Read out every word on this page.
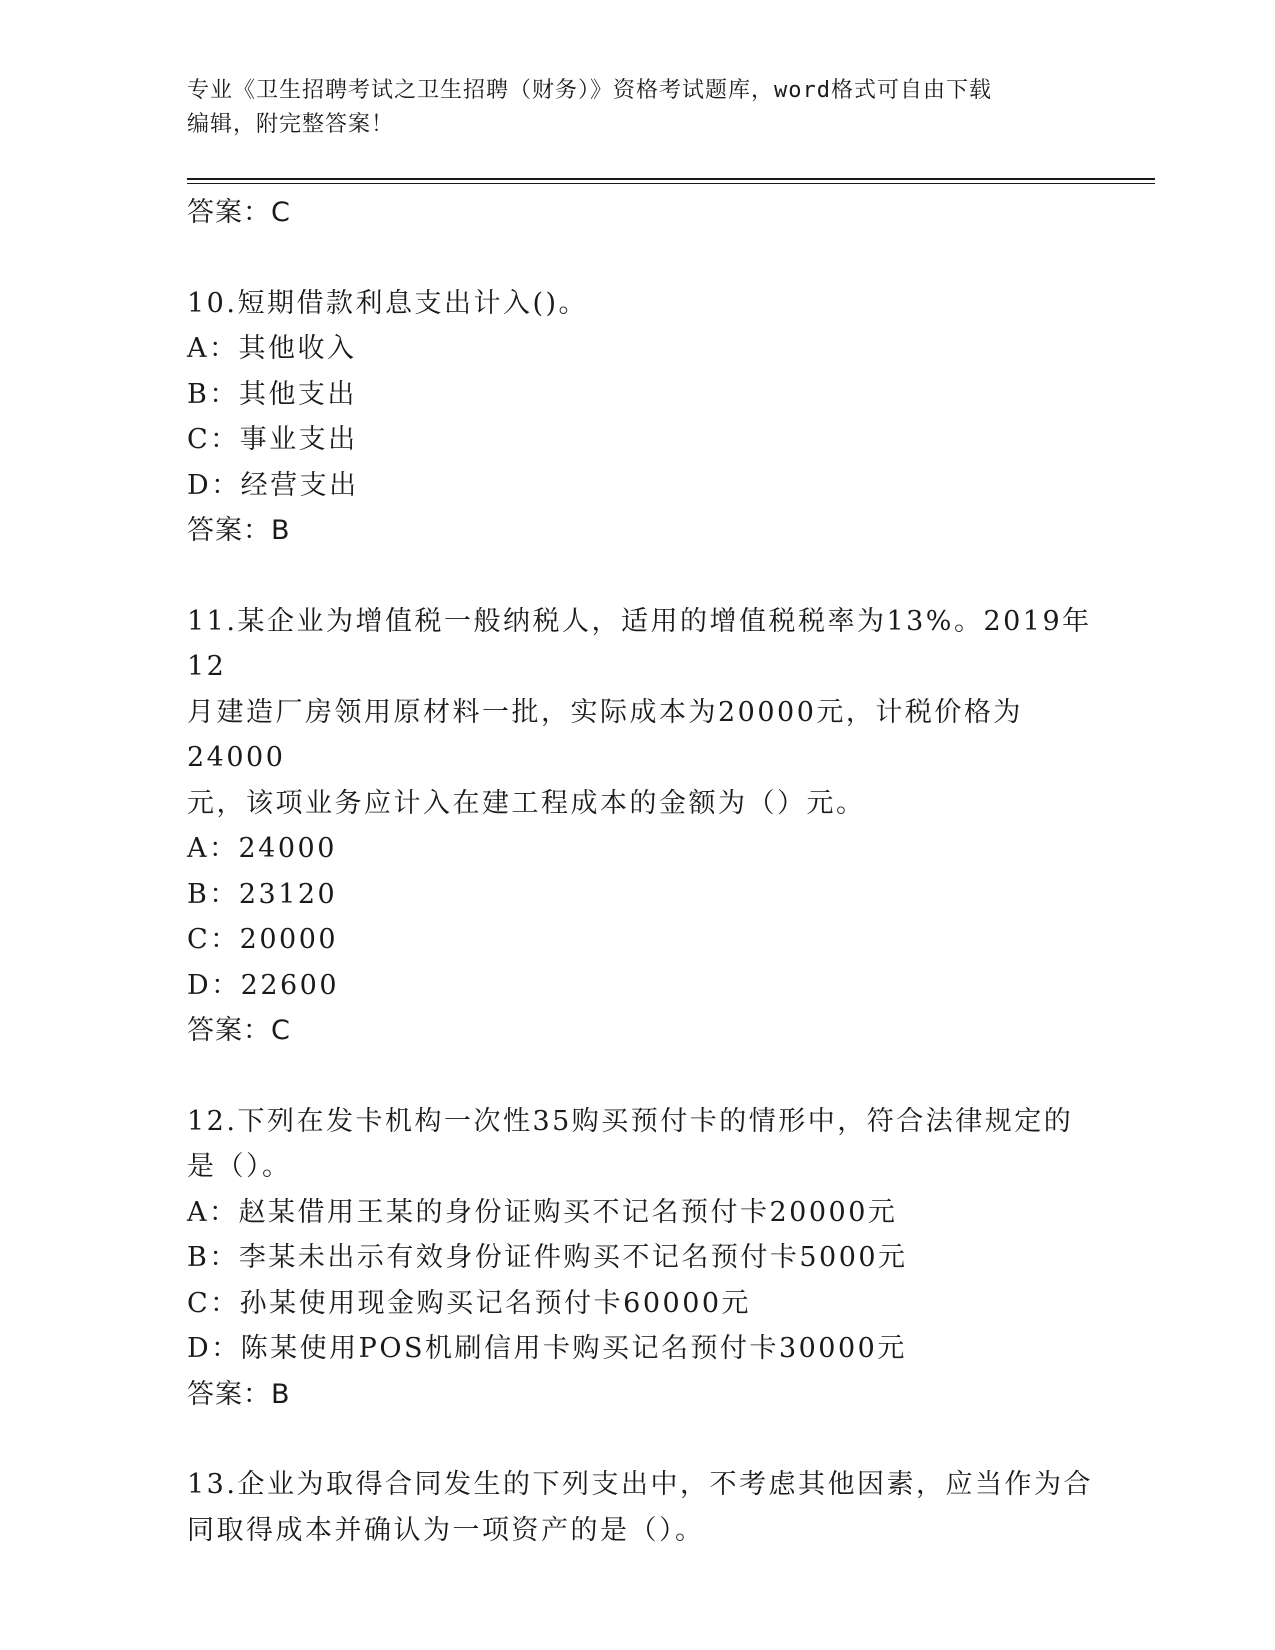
专业《卫生招聘考试之卫生招聘（财务）》资格考试题库，word格式可自由下载
编辑，附完整答案！
答案：C
10.短期借款利息支出计入()。
A：其他收入
B：其他支出
C：事业支出
D：经营支出
答案：B
11.某企业为增值税一般纳税人，适用的增值税税率为13%。2019年12
月建造厂房领用原材料一批，实际成本为20000元，计税价格为24000
元，该项业务应计入在建工程成本的金额为（）元。
A：24000
B：23120
C：20000
D：22600
答案：C
12.下列在发卡机构一次性35购买预付卡的情形中，符合法律规定的
是（）。
A：赵某借用王某的身份证购买不记名预付卡20000元
B：李某未出示有效身份证件购买不记名预付卡5000元
C：孙某使用现金购买记名预付卡60000元
D：陈某使用POS机刷信用卡购买记名预付卡30000元
答案：B
13.企业为取得合同发生的下列支出中，不考虑其他因素，应当作为合
同取得成本并确认为一项资产的是（）。
